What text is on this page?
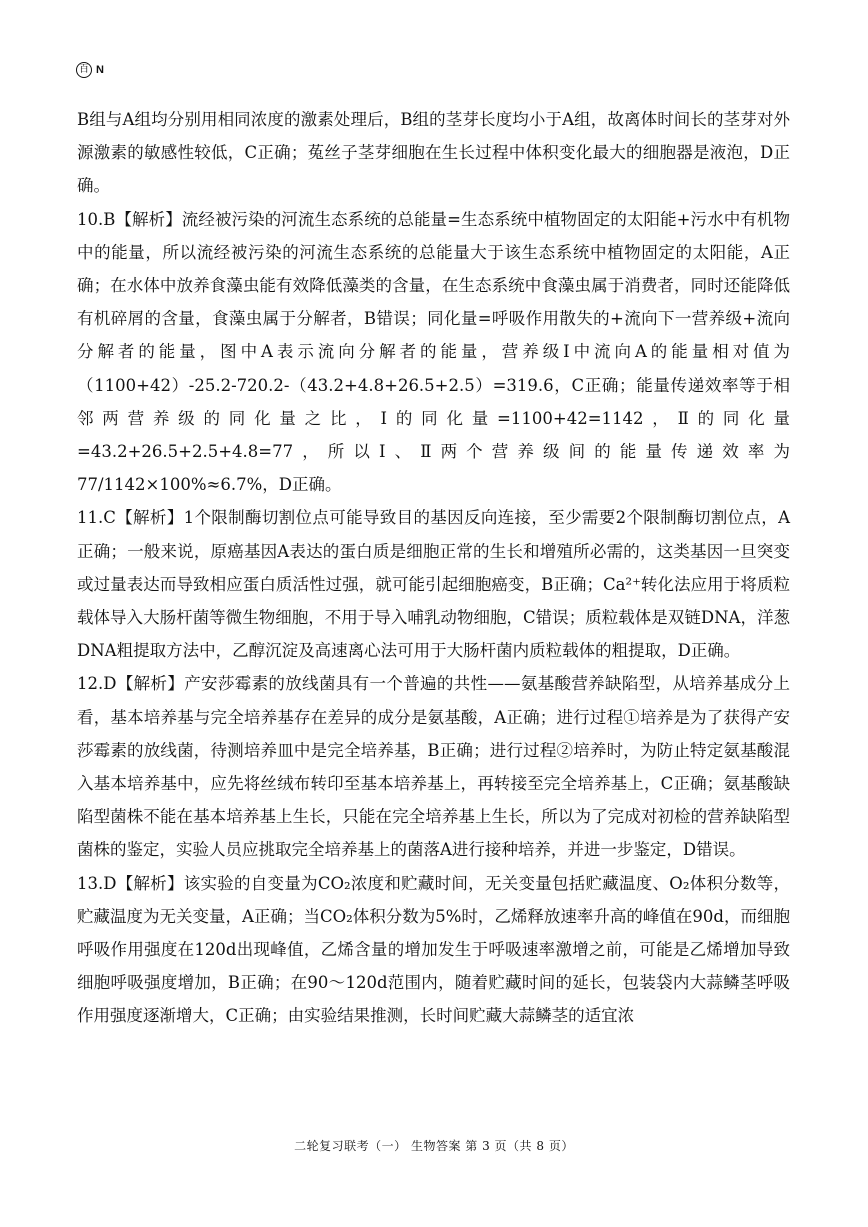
百 N

B组与A组均分别用相同浓度的激素处理后，B组的茎芽长度均小于A组，故离体时间长的茎芽对外源激素的敏感性较低，C正确；菟丝子茎芽细胞在生长过程中体积变化最大的细胞器是液泡，D正确。

10.B【解析】流经被污染的河流生态系统的总能量=生态系统中植物固定的太阳能+污水中有机物中的能量，所以流经被污染的河流生态系统的总能量大于该生态系统中植物固定的太阳能，A正确；在水体中放养食藻虫能有效降低藻类的含量，在生态系统中食藻虫属于消费者，同时还能降低有机碎屑的含量，食藻虫属于分解者，B错误；同化量=呼吸作用散失的+流向下一营养级+流向分解者的能量，图中A表示流向分解者的能量，营养级Ⅰ中流向A的能量相对值为（1100+42）-25.2-720.2-（43.2+4.8+26.5+2.5）=319.6，C正确；能量传递效率等于相邻两营养级的同化量之比，Ⅰ的同化量=1100+42=1142，Ⅱ的同化量=43.2+26.5+2.5+4.8=77，所以Ⅰ、Ⅱ两个营养级间的能量传递效率为77/1142×100%≈6.7%，D正确。

11.C【解析】1个限制酶切割位点可能导致目的基因反向连接，至少需要2个限制酶切割位点，A正确；一般来说，原癌基因A表达的蛋白质是细胞正常的生长和增殖所必需的，这类基因一旦突变或过量表达而导致相应蛋白质活性过强，就可能引起细胞癌变，B正确；Ca²⁺转化法应用于将质粒载体导入大肠杆菌等微生物细胞，不用于导入哺乳动物细胞，C错误；质粒载体是双链DNA，洋葱DNA粗提取方法中，乙醇沉淀及高速离心法可用于大肠杆菌内质粒载体的粗提取，D正确。

12.D【解析】产安莎霉素的放线菌具有一个普遍的共性——氨基酸营养缺陷型，从培养基成分上看，基本培养基与完全培养基存在差异的成分是氨基酸，A正确；进行过程①培养是为了获得产安莎霉素的放线菌，待测培养皿中是完全培养基，B正确；进行过程②培养时，为防止特定氨基酸混入基本培养基中，应先将丝绒布转印至基本培养基上，再转接至完全培养基上，C正确；氨基酸缺陷型菌株不能在基本培养基上生长，只能在完全培养基上生长，所以为了完成对初检的营养缺陷型菌株的鉴定，实验人员应挑取完全培养基上的菌落A进行接种培养，并进一步鉴定，D错误。

13.D【解析】该实验的自变量为CO₂浓度和贮藏时间，无关变量包括贮藏温度、O₂体积分数等，贮藏温度为无关变量，A正确；当CO₂体积分数为5%时，乙烯释放速率升高的峰值在90d，而细胞呼吸作用强度在120d出现峰值，乙烯含量的增加发生于呼吸速率激增之前，可能是乙烯增加导致细胞呼吸强度增加，B正确；在90～120d范围内，随着贮藏时间的延长，包装袋内大蒜鳞茎呼吸作用强度逐渐增大，C正确；由实验结果推测，长时间贮藏大蒜鳞茎的适宜浓

二轮复习联考（一） 生物答案 第 3 页（共 8 页）
